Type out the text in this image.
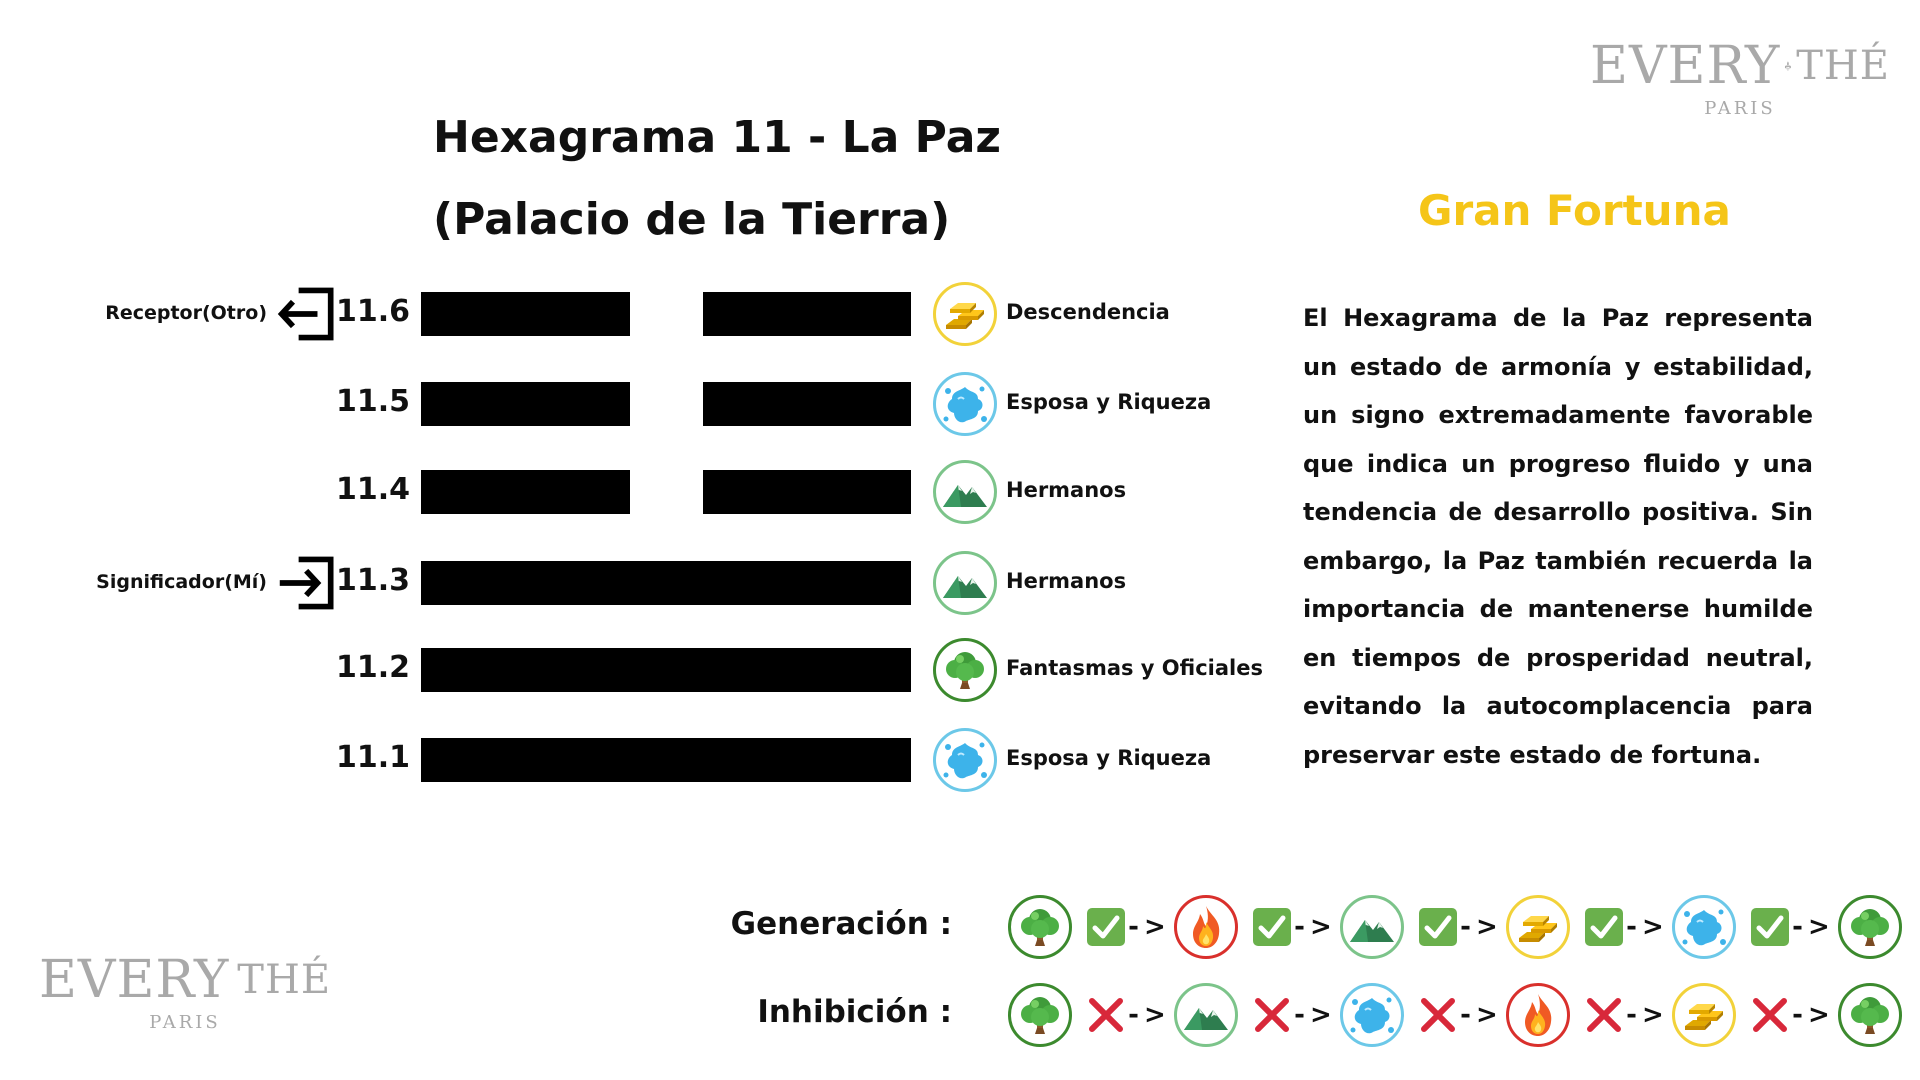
EVERY THÉ
PARIS
EVERY THÉ
PARIS
Hexagrama 11 - La Paz
(Palacio de la Tierra)
11.6	Descendencia
Receptor(Otro)
11.5	Esposa y Riqueza
11.4	Hermanos
11.3	Hermanos
Significador(Mí)
11.2	Fantasmas y Oficiales
11.1	Esposa y Riqueza
Gran Fortuna
El Hexagrama de la Paz representa un estado de armonía y estabilidad, un signo extremadamente favorable que indica un progreso fluido y una tendencia de desarrollo positiva. Sin embargo, la Paz también recuerda la importancia de mantenerse humilde en tiempos de prosperidad neutral, evitando la autocomplacencia para preservar este estado de fortuna.
Generación :	- >	- >	- >	- >	- >
Inhibición :	- >	- >	- >	- >	- >
